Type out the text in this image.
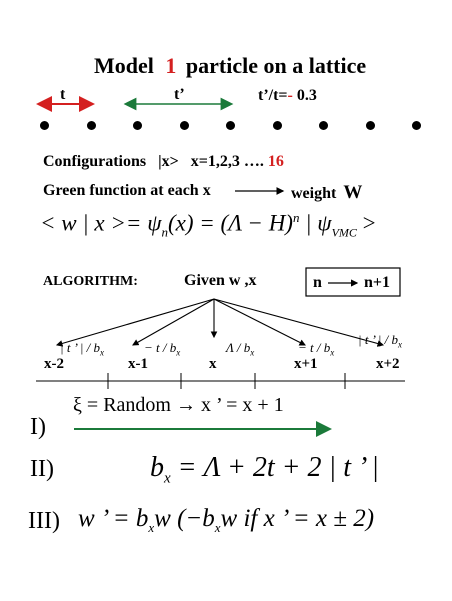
Model 1 particle on a lattice
t	t’	t’/t=- 0.3
Configurations |x> x=1,2,3 …. 16
Green function at each x	weight W
< w | $x >= \psi_n(x) = (\Lambda - H)^n$ | $\psi_{VMC}$ >
ALGORITHM:	Given w ,x	n	n+1
| t ’ | / $b_x$	− t / $b_x$	Λ / $b_x$	− t / $b_x$
| t ’ | / $b_x$
x-2	x-1	x	x+1	x+2
ξ = Random → x ’ = x + 1
I)
II)	$b_x = \Lambda + 2t + 2$ | t ’ |
III) w ’ = $b_xw$ ($-b_xw$ if x ’ = x ± 2)
